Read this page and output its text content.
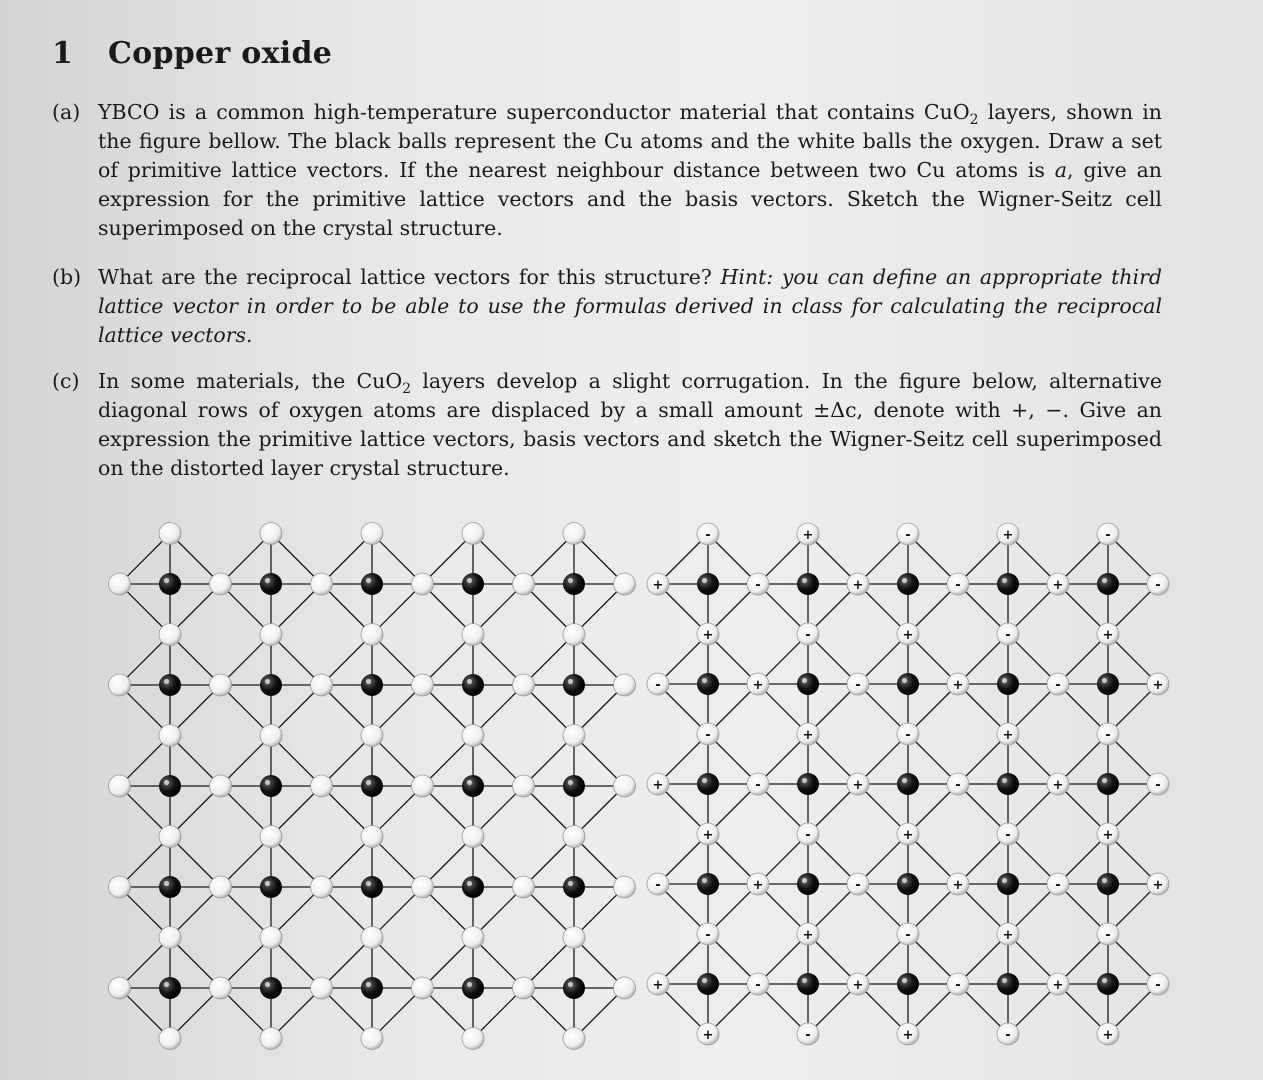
1 Copper oxide
(a) YBCO is a common high-temperature superconductor material that contains CuO$_2$ layers, shown in the figure bellow. The black balls represent the Cu atoms and the white balls the oxygen. Draw a set of primitive lattice vectors. If the nearest neighbour distance between two Cu atoms is a, give an expression for the primitive lattice vectors and the basis vectors. Sketch the Wigner-Seitz cell superimposed on the crystal structure.
(b) What are the reciprocal lattice vectors for this structure? Hint: you can define an appropriate third lattice vector in order to be able to use the formulas derived in class for calculating the reciprocal lattice vectors.
(c) In some materials, the CuO$_2$ layers develop a slight corrugation. In the figure below, alternative diagonal rows of oxygen atoms are displaced by a small amount ±Δc, denote with +, −. Give an expression the primitive lattice vectors, basis vectors and sketch the Wigner-Seitz cell superimposed on the distorted layer crystal structure.
+	-	+	-	+	-
-	+	-	+	-	+
+	-	+	-	+	-
-	+	-	+	-	+
+	-	+	-	+	-
-	+	-	+	-
+	-	+	-	+
-	+	-	+	-
+	-	+	-	+
-	+	-	+	-
+	-	+	-	+
